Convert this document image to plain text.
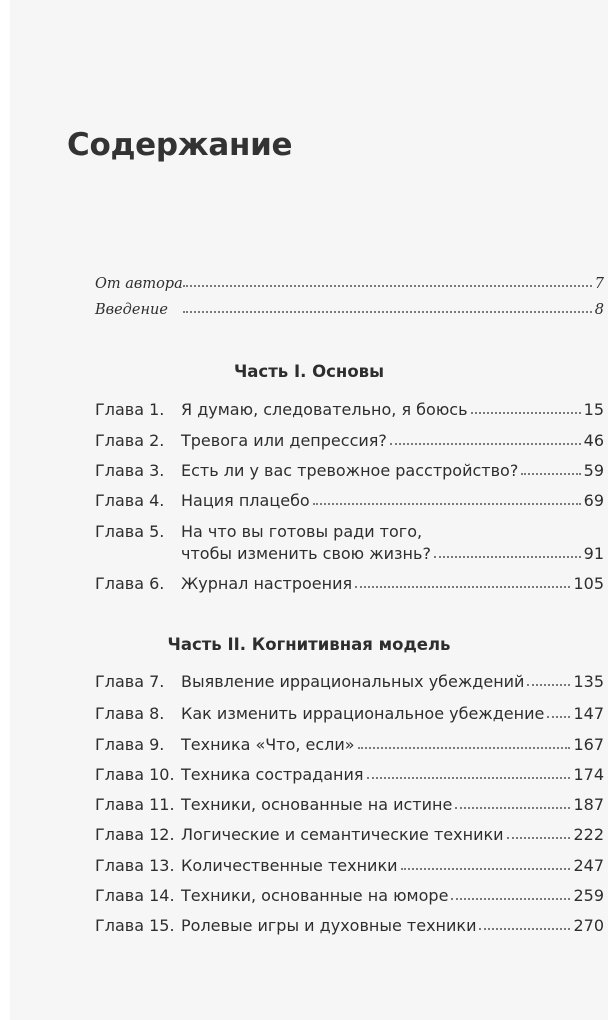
Содержание
От автора	7
Введение	8
Часть I. Основы
Глава 1.	Я думаю, следовательно, я боюсь	15
Глава 2.	Тревога или депрессия?	46
Глава 3.	Есть ли у вас тревожное расстройство?	59
Глава 4.	Нация плацебо	69
Глава 5.	На что вы готовы ради того,
чтобы изменить свою жизнь?	91
Глава 6.	Журнал настроения	105
Часть II. Когнитивная модель
Глава 7.	Выявление иррациональных убеждений	135
Глава 8.	Как изменить иррациональное убеждение 147
Глава 9.	Техника «Что, если»	167
Глава 10. Техника сострадания	174
Глава 11. Техники, основанные на истине	187
Глава 12. Логические и семантические техники	222
Глава 13. Количественные техники	247
Глава 14. Техники, основанные на юморе	259
Глава 15. Ролевые игры и духовные техники	270
